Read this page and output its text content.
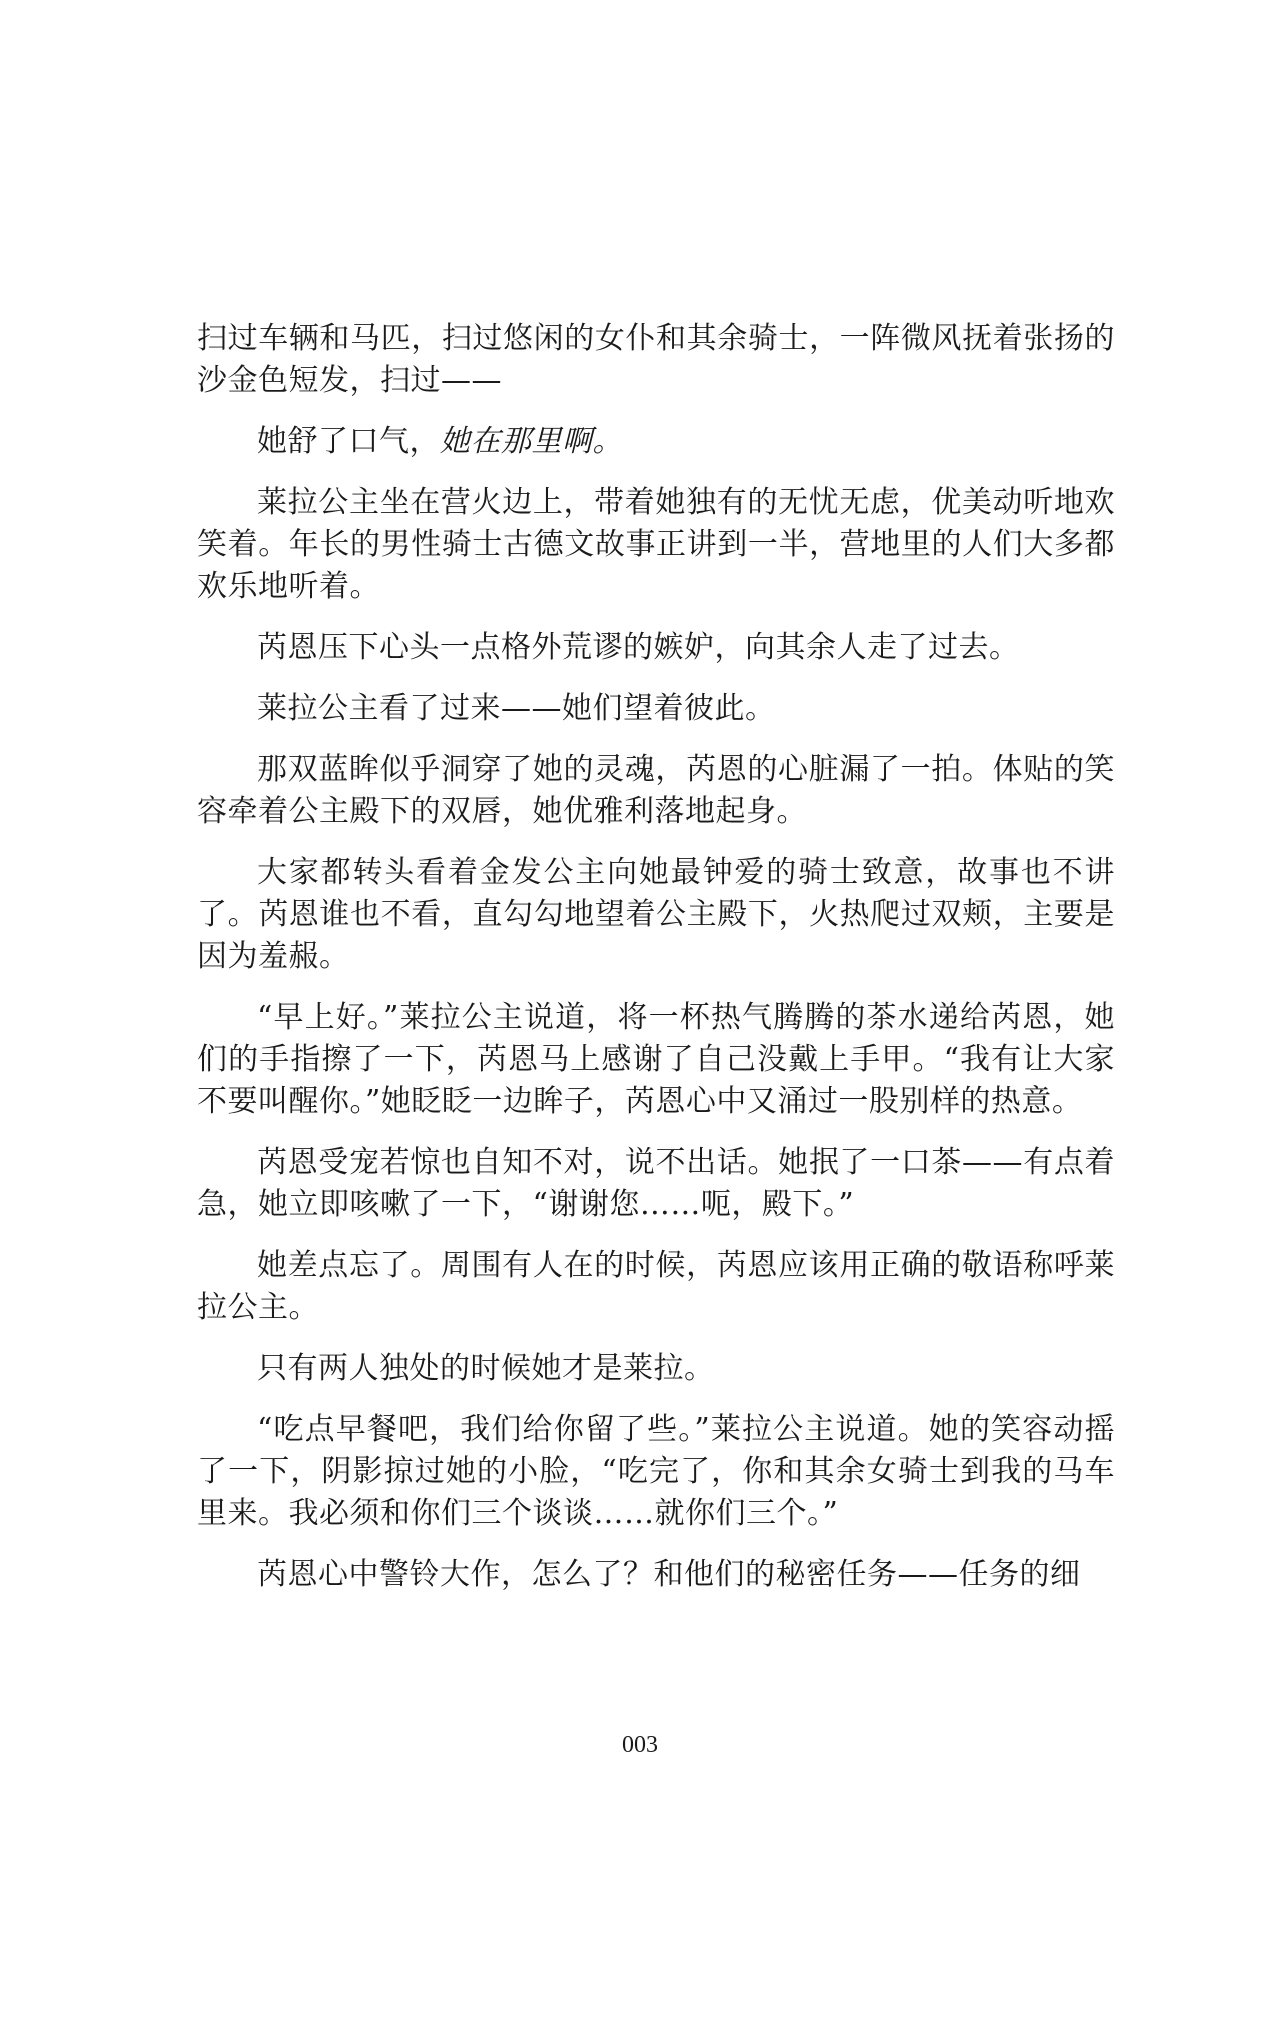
扫过车辆和马匹，扫过悠闲的女仆和其余骑士，一阵微风抚着张扬的沙金色短发，扫过——

她舒了口气，她在那里啊。

莱拉公主坐在营火边上，带着她独有的无忧无虑，优美动听地欢笑着。年长的男性骑士古德文故事正讲到一半，营地里的人们大多都欢乐地听着。

芮恩压下心头一点格外荒谬的嫉妒，向其余人走了过去。

莱拉公主看了过来——她们望着彼此。

那双蓝眸似乎洞穿了她的灵魂，芮恩的心脏漏了一拍。体贴的笑容牵着公主殿下的双唇，她优雅利落地起身。

大家都转头看着金发公主向她最钟爱的骑士致意，故事也不讲了。芮恩谁也不看，直勾勾地望着公主殿下，火热爬过双颊，主要是因为羞赧。

“早上好。”莱拉公主说道，将一杯热气腾腾的茶水递给芮恩，她们的手指擦了一下，芮恩马上感谢了自己没戴上手甲。“我有让大家不要叫醒你。”她眨眨一边眸子，芮恩心中又涌过一股别样的热意。

芮恩受宠若惊也自知不对，说不出话。她抿了一口茶——有点着急，她立即咳嗽了一下，“谢谢您……呃，殿下。”

她差点忘了。周围有人在的时候，芮恩应该用正确的敬语称呼莱拉公主。

只有两人独处的时候她才是莱拉。

“吃点早餐吧，我们给你留了些。”莱拉公主说道。她的笑容动摇了一下，阴影掠过她的小脸，“吃完了，你和其余女骑士到我的马车里来。我必须和你们三个谈谈……就你们三个。”

芮恩心中警铃大作，怎么了？和他们的秘密任务——任务的细

003
